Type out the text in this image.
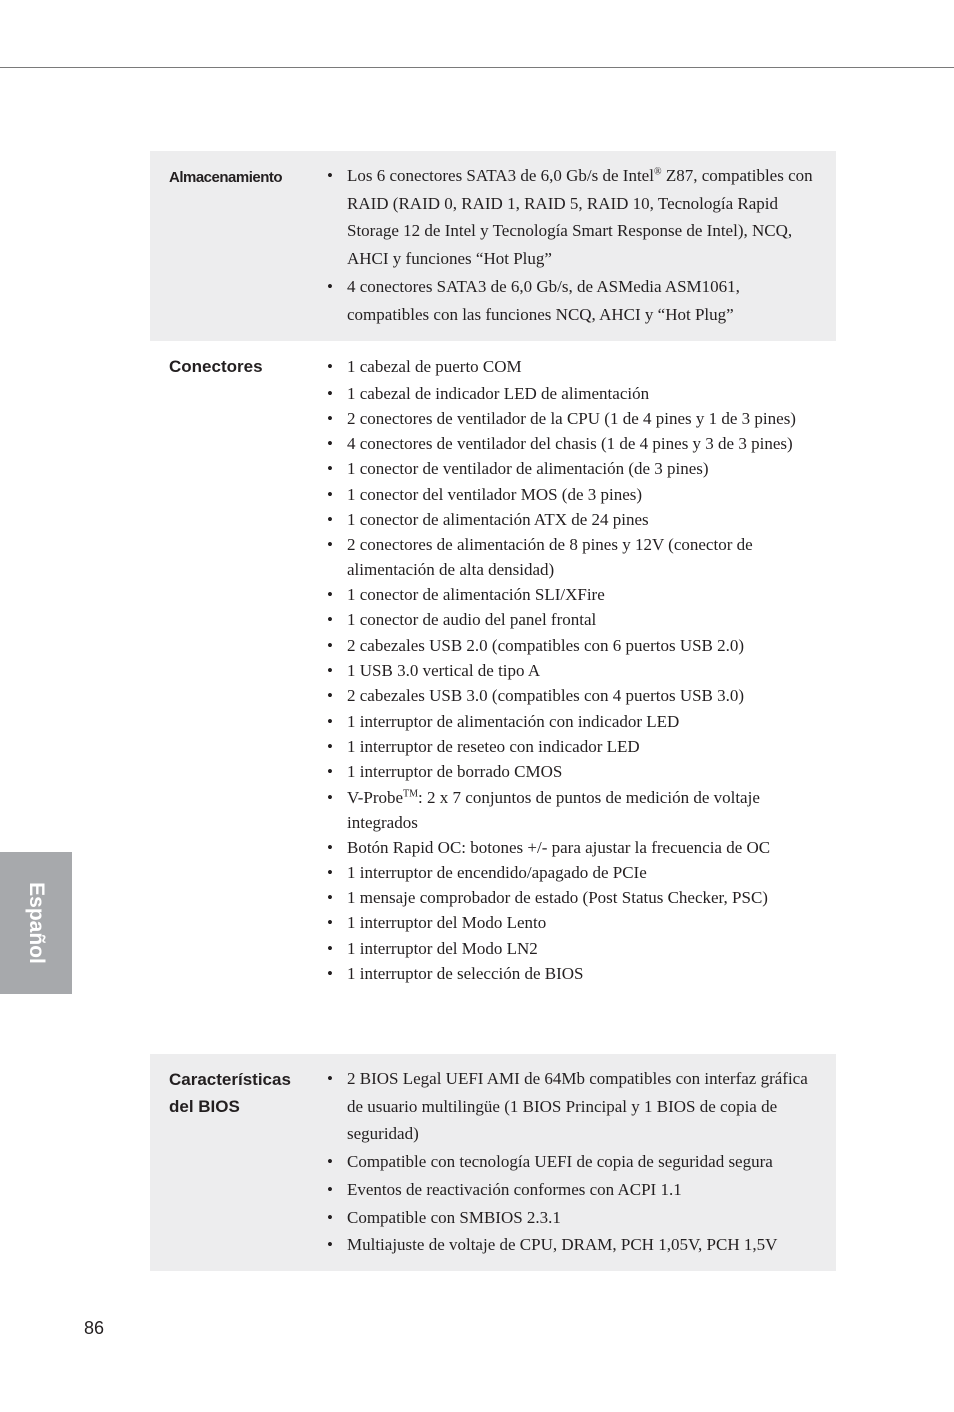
Almacenamiento	• Los 6 conectores SATA3 de 6,0 Gb/s de Intel® Z87, compatibles con RAID (RAID 0, RAID 1, RAID 5, RAID 10, Tecnología Rapid Storage 12 de Intel y Tecnología Smart Response de Intel), NCQ, AHCI y funciones “Hot Plug”
• 4 conectores SATA3 de 6,0 Gb/s, de ASMedia ASM1061, compatibles con las funciones NCQ, AHCI y “Hot Plug”
Conectores	• 1 cabezal de puerto COM
• 1 cabezal de indicador LED de alimentación
• 2 conectores de ventilador de la CPU (1 de 4 pines y 1 de 3 pines)
• 4 conectores de ventilador del chasis (1 de 4 pines y 3 de 3 pines)
• 1 conector de ventilador de alimentación (de 3 pines)
• 1 conector del ventilador MOS (de 3 pines)
• 1 conector de alimentación ATX de 24 pines
• 2 conectores de alimentación de 8 pines y 12V (conector de alimentación de alta densidad)
• 1 conector de alimentación SLI/XFire
• 1 conector de audio del panel frontal
• 2 cabezales USB 2.0 (compatibles con 6 puertos USB 2.0)
• 1 USB 3.0 vertical de tipo A
• 2 cabezales USB 3.0 (compatibles con 4 puertos USB 3.0)
• 1 interruptor de alimentación con indicador LED
• 1 interruptor de reseteo con indicador LED
• 1 interruptor de borrado CMOS
• V-Probe™: 2 x 7 conjuntos de puntos de medición de voltaje integrados
• Botón Rapid OC: botones +/- para ajustar la frecuencia de OC
• 1 interruptor de encendido/apagado de PCIe
• 1 mensaje comprobador de estado (Post Status Checker, PSC)
• 1 interruptor del Modo Lento
• 1 interruptor del Modo LN2
• 1 interruptor de selección de BIOS
Características del BIOS
• 2 BIOS Legal UEFI AMI de 64Mb compatibles con interfaz gráfica de usuario multilingüe (1 BIOS Principal y 1 BIOS de copia de seguridad)
• Compatible con tecnología UEFI de copia de seguridad segura
• Eventos de reactivación conformes con ACPI 1.1
• Compatible con SMBIOS 2.3.1
• Multiajuste de voltaje de CPU, DRAM, PCH 1,05V, PCH 1,5V
Español
86
